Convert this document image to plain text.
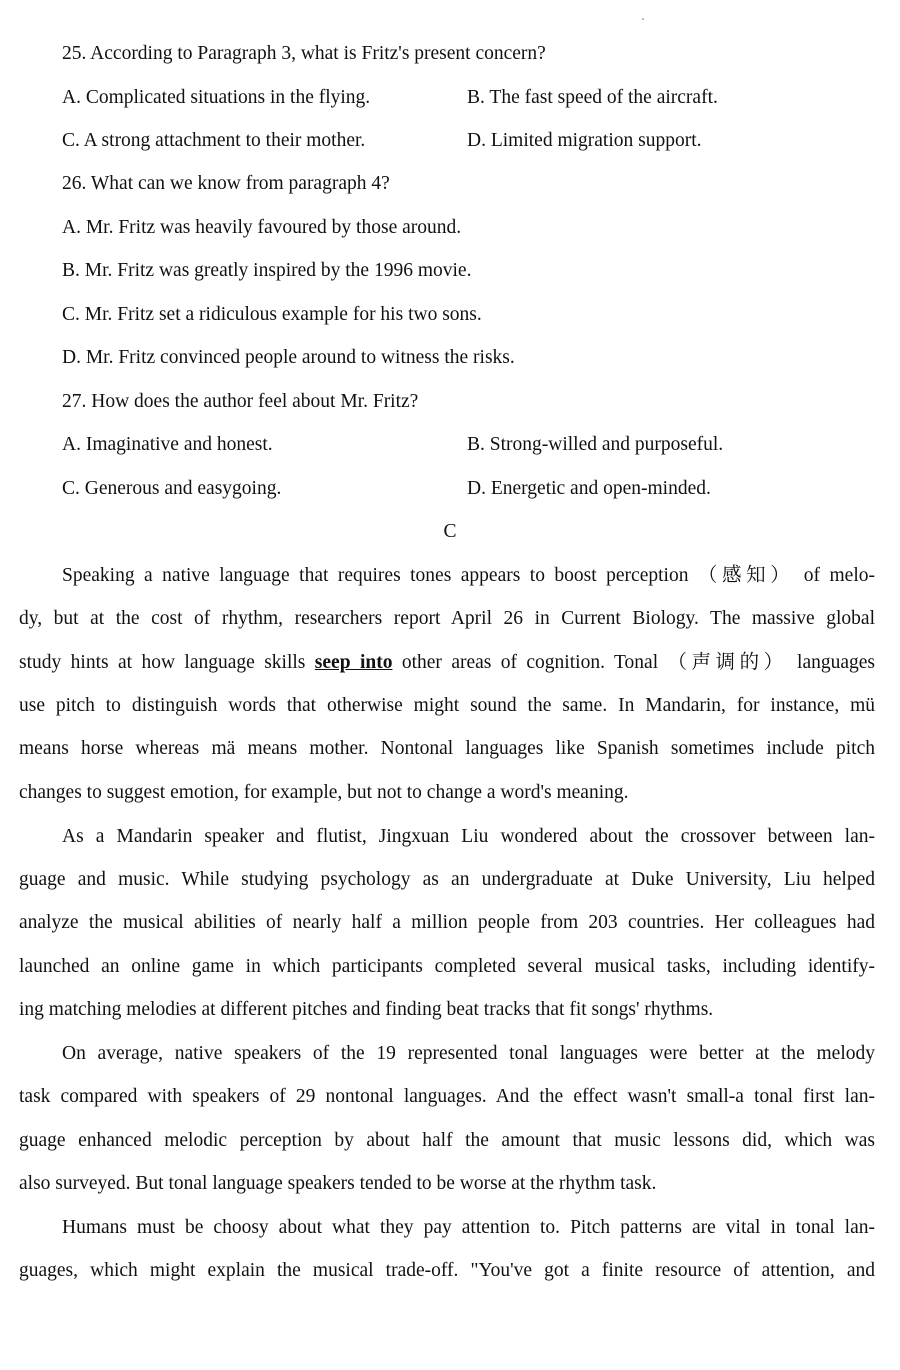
25. According to Paragraph 3, what is Fritz's present concern?
A. Complicated situations in the flying.	B. The fast speed of the aircraft.
C. A strong attachment to their mother.	D. Limited migration support.
26. What can we know from paragraph 4?
A. Mr. Fritz was heavily favoured by those around.
B. Mr. Fritz was greatly inspired by the 1996 movie.
C. Mr. Fritz set a ridiculous example for his two sons.
D. Mr. Fritz convinced people around to witness the risks.
27. How does the author feel about Mr. Fritz?
A. Imaginative and honest.	B. Strong-willed and purposeful.
C. Generous and easygoing.	D. Energetic and open-minded.
C
Speaking a native language that requires tones appears to boost perception （感知） of melo-
dy, but at the cost of rhythm, researchers report April 26 in Current Biology. The massive global
study hints at how language skills seep into other areas of cognition. Tonal （声调的） languages
use pitch to distinguish words that otherwise might sound the same. In Mandarin, for instance, mü
means horse whereas mä means mother. Nontonal languages like Spanish sometimes include pitch
changes to suggest emotion, for example, but not to change a word's meaning.
As a Mandarin speaker and flutist, Jingxuan Liu wondered about the crossover between lan-
guage and music. While studying psychology as an undergraduate at Duke University, Liu helped
analyze the musical abilities of nearly half a million people from 203 countries. Her colleagues had
launched an online game in which participants completed several musical tasks, including identify-
ing matching melodies at different pitches and finding beat tracks that fit songs' rhythms.
On average, native speakers of the 19 represented tonal languages were better at the melody
task compared with speakers of 29 nontonal languages. And the effect wasn't small-a tonal first lan-
guage enhanced melodic perception by about half the amount that music lessons did, which was
also surveyed. But tonal language speakers tended to be worse at the rhythm task.
Humans must be choosy about what they pay attention to. Pitch patterns are vital in tonal lan-
guages, which might explain the musical trade-off. "You've got a finite resource of attention, and
